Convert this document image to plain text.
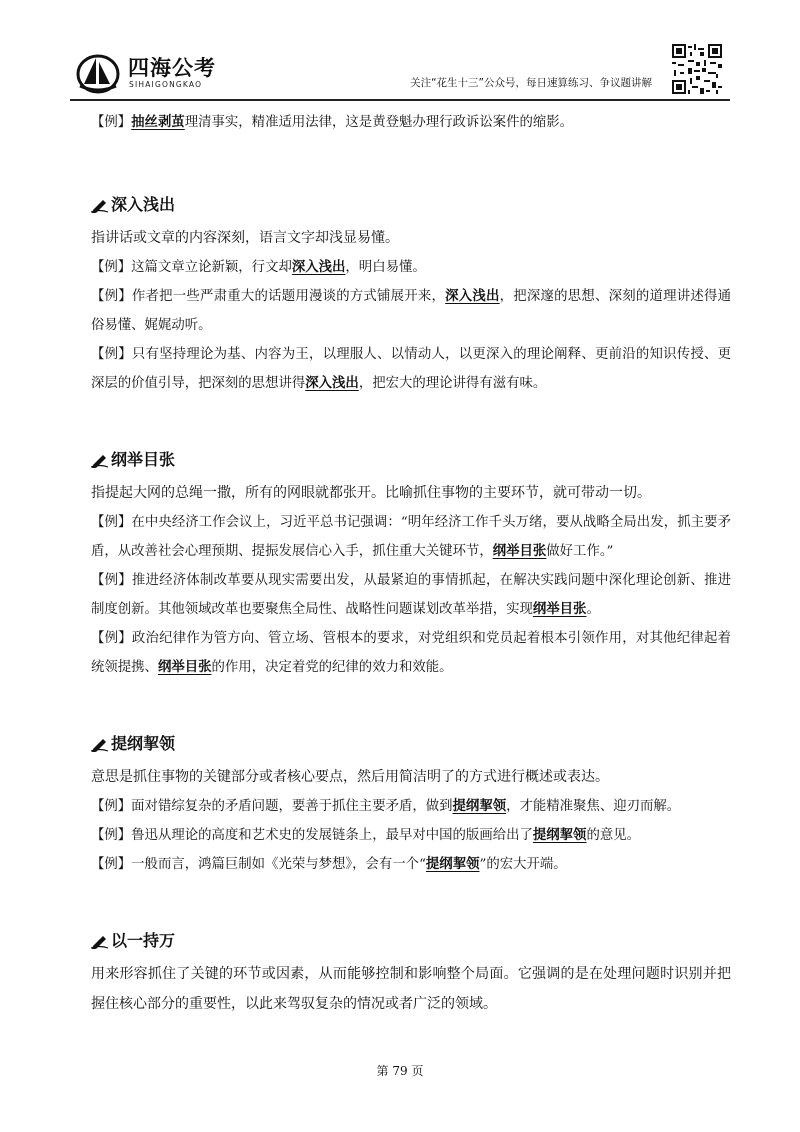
四海公考
SIHAIGONGKAO	关注“花生十三”公众号，每日速算练习、争议题讲解

【例】抽丝剥茧理清事实，精准适用法律，这是黄登魁办理行政诉讼案件的缩影。

深入浅出

指讲话或文章的内容深刻，语言文字却浅显易懂。

【例】这篇文章立论新颖，行文却深入浅出，明白易懂。

【例】作者把一些严肃重大的话题用漫谈的方式铺展开来，深入浅出，把深邃的思想、深刻的道理讲述得通俗易懂、娓娓动听。

【例】只有坚持理论为基、内容为王，以理服人、以情动人，以更深入的理论阐释、更前沿的知识传授、更深层的价值引导，把深刻的思想讲得深入浅出，把宏大的理论讲得有滋有味。

纲举目张

指提起大网的总绳一撒，所有的网眼就都张开。比喻抓住事物的主要环节，就可带动一切。

【例】在中央经济工作会议上，习近平总书记强调：“明年经济工作千头万绪，要从战略全局出发，抓主要矛盾，从改善社会心理预期、提振发展信心入手，抓住重大关键环节，纲举目张做好工作。”

【例】推进经济体制改革要从现实需要出发，从最紧迫的事情抓起，在解决实践问题中深化理论创新、推进制度创新。其他领域改革也要聚焦全局性、战略性问题谋划改革举措，实现纲举目张。

【例】政治纪律作为管方向、管立场、管根本的要求，对党组织和党员起着根本引领作用，对其他纪律起着统领提携、纲举目张的作用，决定着党的纪律的效力和效能。

提纲挈领

意思是抓住事物的关键部分或者核心要点，然后用简洁明了的方式进行概述或表达。

【例】面对错综复杂的矛盾问题，要善于抓住主要矛盾，做到提纲挈领，才能精准聚焦、迎刃而解。

【例】鲁迅从理论的高度和艺术史的发展链条上，最早对中国的版画给出了提纲挈领的意见。

【例】一般而言，鸿篇巨制如《光荣与梦想》，会有一个“提纲挈领”的宏大开端。

以一持万

用来形容抓住了关键的环节或因素，从而能够控制和影响整个局面。它强调的是在处理问题时识别并把握住核心部分的重要性，以此来驾驭复杂的情况或者广泛的领域。

第 79 页
